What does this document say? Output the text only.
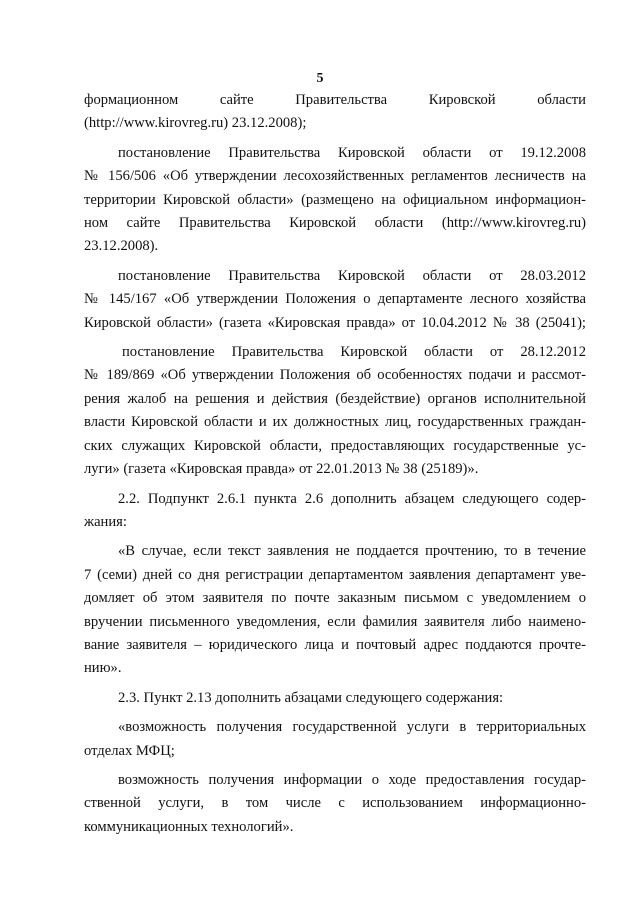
5
формационном сайте Правительства Кировской области
(http://www.kirovreg.ru) 23.12.2008);
постановление Правительства Кировской области от 19.12.2008
№ 156/506 «Об утверждении лесохозяйственных регламентов лесничеств на
территории Кировской области» (размещено на официальном информацион-
ном сайте Правительства Кировской области (http://www.kirovreg.ru)
23.12.2008).
постановление Правительства Кировской области от 28.03.2012
№ 145/167 «Об утверждении Положения о департаменте лесного хозяйства
Кировской области» (газета «Кировская правда» от 10.04.2012 № 38 (25041);
постановление Правительства Кировской области от 28.12.2012
№ 189/869 «Об утверждении Положения об особенностях подачи и рассмот-
рения жалоб на решения и действия (бездействие) органов исполнительной
власти Кировской области и их должностных лиц, государственных граждан-
ских служащих Кировской области, предоставляющих государственные ус-
луги» (газета «Кировская правда» от 22.01.2013 № 38 (25189)».
2.2. Подпункт 2.6.1 пункта 2.6 дополнить абзацем следующего содер-
жания:
«В случае, если текст заявления не поддается прочтению, то в течение
7 (семи) дней со дня регистрации департаментом заявления департамент уве-
домляет об этом заявителя по почте заказным письмом с уведомлением о
вручении письменного уведомления, если фамилия заявителя либо наимено-
вание заявителя – юридического лица и почтовый адрес поддаются прочте-
нию».
2.3. Пункт 2.13 дополнить абзацами следующего содержания:
«возможность получения государственной услуги в территориальных
отделах МФЦ;
возможность получения информации о ходе предоставления государ-
ственной услуги, в том числе с использованием информационно-
коммуникационных технологий».
